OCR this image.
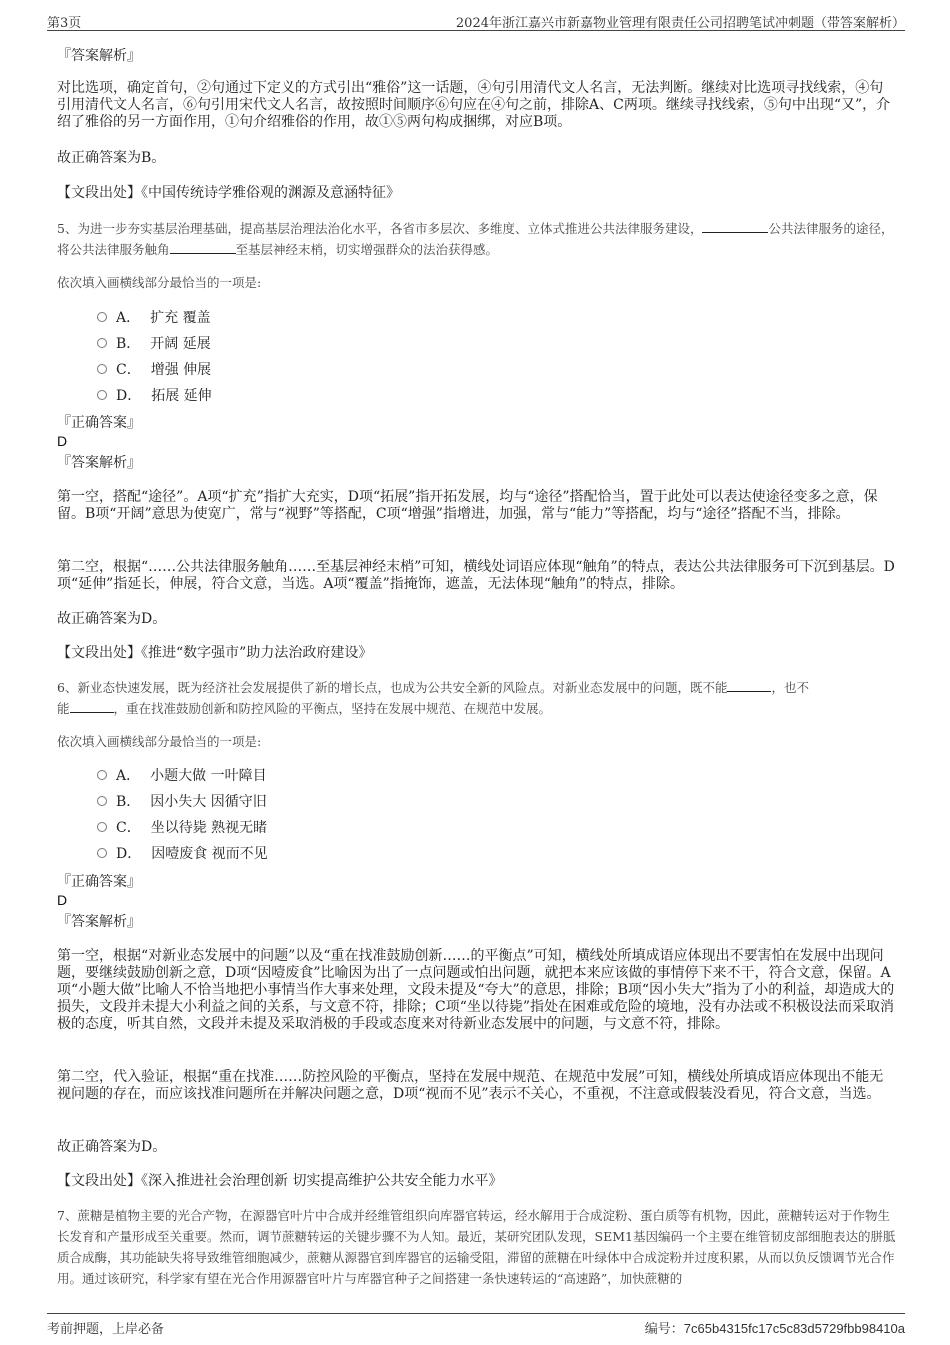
第3页	2024年浙江嘉兴市新嘉物业管理有限责任公司招聘笔试冲刺题（带答案解析）
『答案解析』
对比选项，确定首句，②句通过下定义的方式引出“雅俗”这一话题，④句引用清代文人名言，无法判断。继续对比选项寻找线索，④句引用清代文人名言，⑥句引用宋代文人名言，故按照时间顺序⑥句应在④句之前，排除A、C两项。继续寻找线索，⑤句中出现“又”，介绍了雅俗的另一方面作用，①句介绍雅俗的作用，故①⑤两句构成捆绑，对应B项。
故正确答案为B。
【文段出处】《中国传统诗学雅俗观的渊源及意涵特征》
5、为进一步夯实基层治理基础，提高基层治理法治化水平，各省市多层次、多维度、立体式推进公共法律服务建设，	公共法律服务的途径，将公共法律服务触角	至基层神经末梢，切实增强群众的法治获得感。
依次填入画横线部分最恰当的一项是:
A． 扩充 覆盖
B． 开阔 延展
C． 增强 伸展
D． 拓展 延伸
『正确答案』
D
『答案解析』
第一空，搭配“途径”。A项“扩充”指扩大充实，D项“拓展”指开拓发展，均与“途径”搭配恰当，置于此处可以表达使途径变多之意，保留。B项“开阔”意思为使宽广，常与“视野”等搭配，C项“增强”指增进，加强，常与“能力”等搭配，均与“途径”搭配不当，排除。
第二空，根据“……公共法律服务触角……至基层神经末梢”可知，横线处词语应体现“触角”的特点，表达公共法律服务可下沉到基层。D项“延伸”指延长，伸展，符合文意，当选。A项“覆盖”指掩饰，遮盖，无法体现“触角”的特点，排除。
故正确答案为D。
【文段出处】《推进“数字强市”助力法治政府建设》
6、新业态快速发展，既为经济社会发展提供了新的增长点，也成为公共安全新的风险点。对新业态发展中的问题，既不能	，也不
能	，重在找准鼓励创新和防控风险的平衡点，坚持在发展中规范、在规范中发展。
依次填入画横线部分最恰当的一项是:
A． 小题大做 一叶障目
B． 因小失大 因循守旧
C． 坐以待毙 熟视无睹
D． 因噎废食 视而不见
『正确答案』
D
『答案解析』
第一空，根据“对新业态发展中的问题”以及“重在找准鼓励创新……的平衡点”可知，横线处所填成语应体现出不要害怕在发展中出现问题，要继续鼓励创新之意，D项“因噎废食”比喻因为出了一点问题或怕出问题，就把本来应该做的事情停下来不干，符合文意，保留。A项“小题大做”比喻人不恰当地把小事情当作大事来处理，文段未提及“夸大”的意思，排除；B项“因小失大”指为了小的利益，却造成大的损失，文段并未提大小利益之间的关系，与文意不符，排除；C项“坐以待毙”指处在困难或危险的境地，没有办法或不积极设法而采取消极的态度，听其自然，文段并未提及采取消极的手段或态度来对待新业态发展中的问题，与文意不符，排除。
第二空，代入验证，根据“重在找准……防控风险的平衡点，坚持在发展中规范、在规范中发展”可知，横线处所填成语应体现出不能无视问题的存在，而应该找准问题所在并解决问题之意，D项“视而不见”表示不关心，不重视，不注意或假装没看见，符合文意，当选。
故正确答案为D。
【文段出处】《深入推进社会治理创新 切实提高维护公共安全能力水平》
7、蔗糖是植物主要的光合产物，在源器官叶片中合成并经维管组织向库器官转运，经水解用于合成淀粉、蛋白质等有机物，因此，蔗糖转运对于作物生长发育和产量形成至关重要。然而，调节蔗糖转运的关键步骤不为人知。最近，某研究团队发现，SEM1基因编码一个主要在维管韧皮部细胞表达的胼胝质合成酶，其功能缺失将导致维管细胞减少，蔗糖从源器官到库器官的运输受阻，滞留的蔗糖在叶绿体中合成淀粉并过度积累，从而以负反馈调节光合作用。通过该研究，科学家有望在光合作用源器官叶片与库器官种子之间搭建一条快速转运的“高速路”，加快蔗糖的
考前押题，上岸必备	编号：7c65b4315fc17c5c83d5729fbb98410a
